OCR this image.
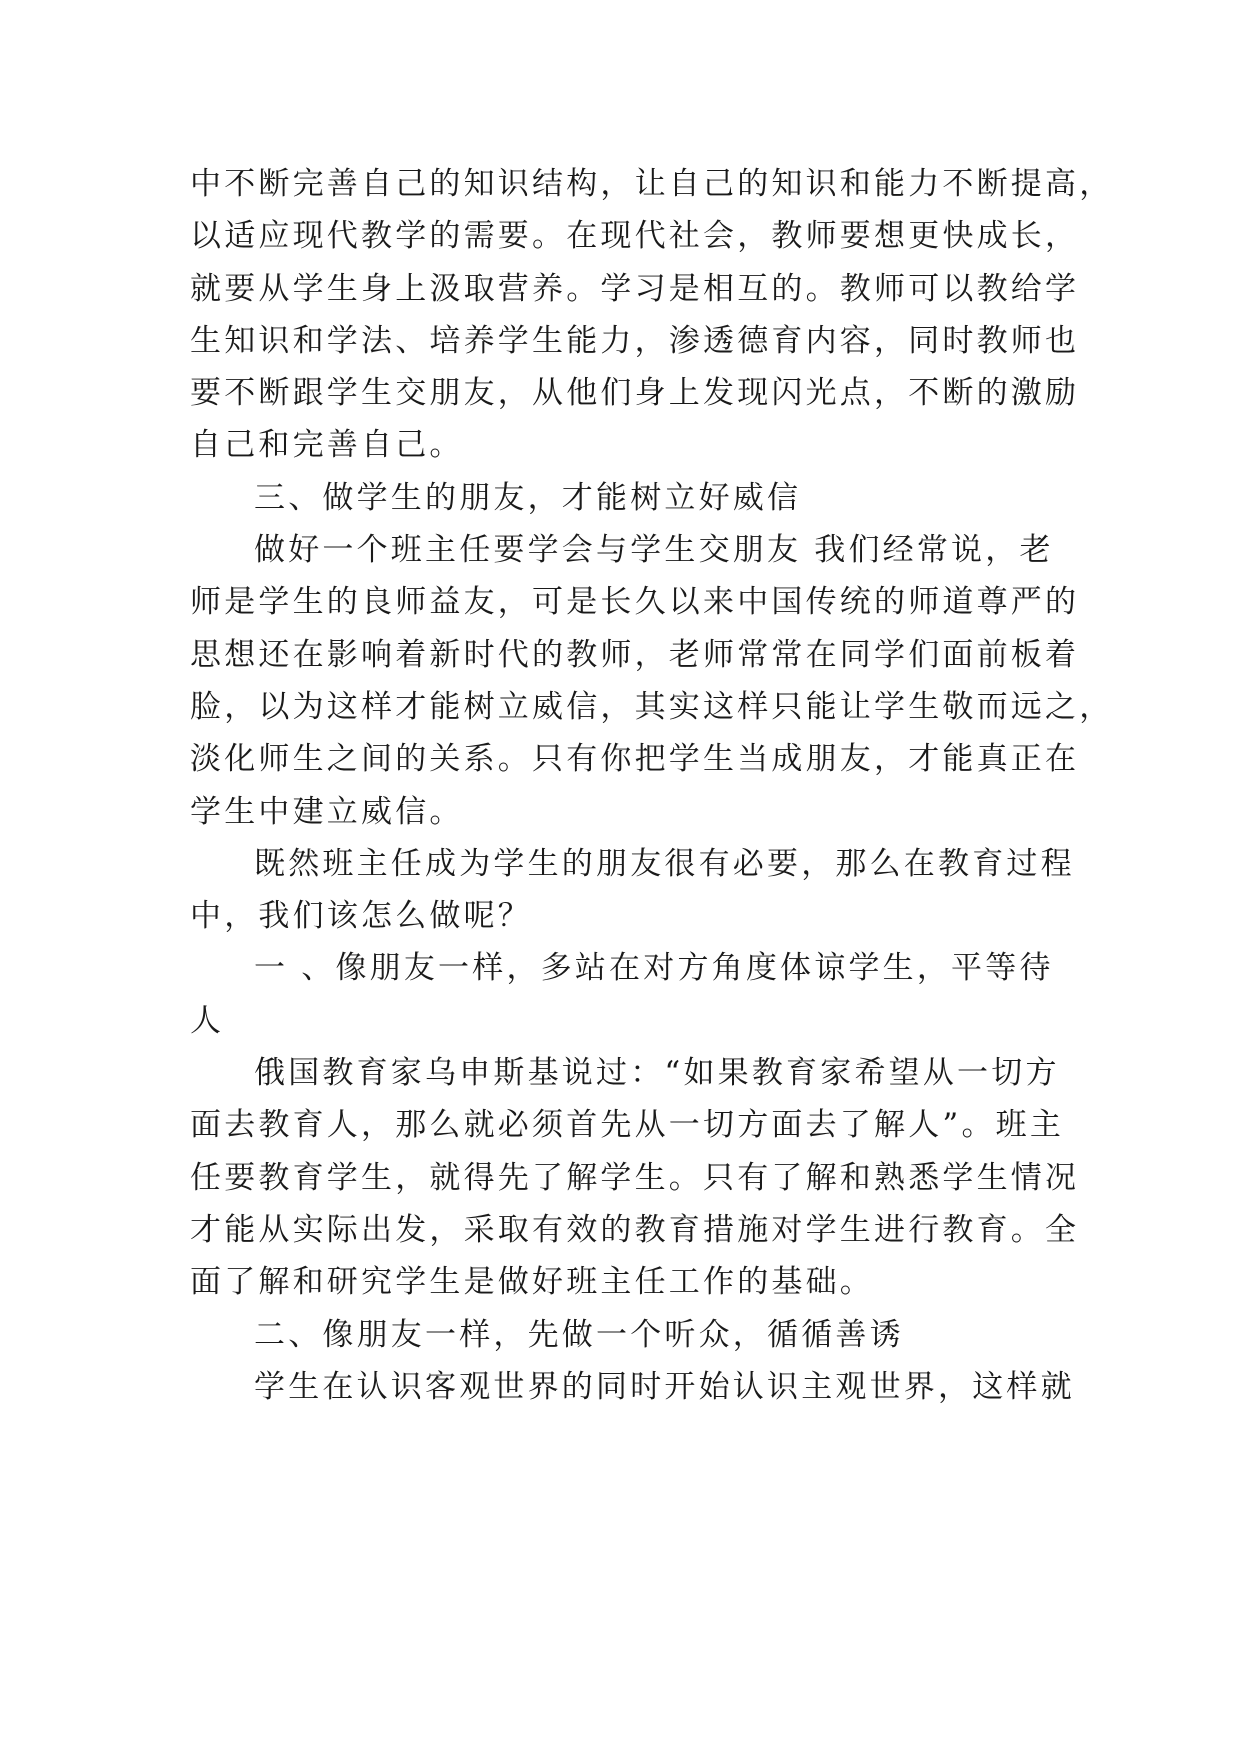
中不断完善自己的知识结构，让自己的知识和能力不断提高，
以适应现代教学的需要。在现代社会，教师要想更快成长，
就要从学生身上汲取营养。学习是相互的。教师可以教给学
生知识和学法、培养学生能力，渗透德育内容，同时教师也
要不断跟学生交朋友，从他们身上发现闪光点，不断的激励
自己和完善自己。
三、做学生的朋友，才能树立好威信
做好一个班主任要学会与学生交朋友 我们经常说，老
师是学生的良师益友，可是长久以来中国传统的师道尊严的
思想还在影响着新时代的教师，老师常常在同学们面前板着
脸，以为这样才能树立威信，其实这样只能让学生敬而远之，
淡化师生之间的关系。只有你把学生当成朋友，才能真正在
学生中建立威信。
既然班主任成为学生的朋友很有必要，那么在教育过程
中，我们该怎么做呢？
一 、像朋友一样，多站在对方角度体谅学生，平等待
人
俄国教育家乌申斯基说过：“如果教育家希望从一切方
面去教育人，那么就必须首先从一切方面去了解人”。班主
任要教育学生，就得先了解学生。只有了解和熟悉学生情况
才能从实际出发，采取有效的教育措施对学生进行教育。全
面了解和研究学生是做好班主任工作的基础。
二、像朋友一样，先做一个听众，循循善诱
学生在认识客观世界的同时开始认识主观世界，这样就
